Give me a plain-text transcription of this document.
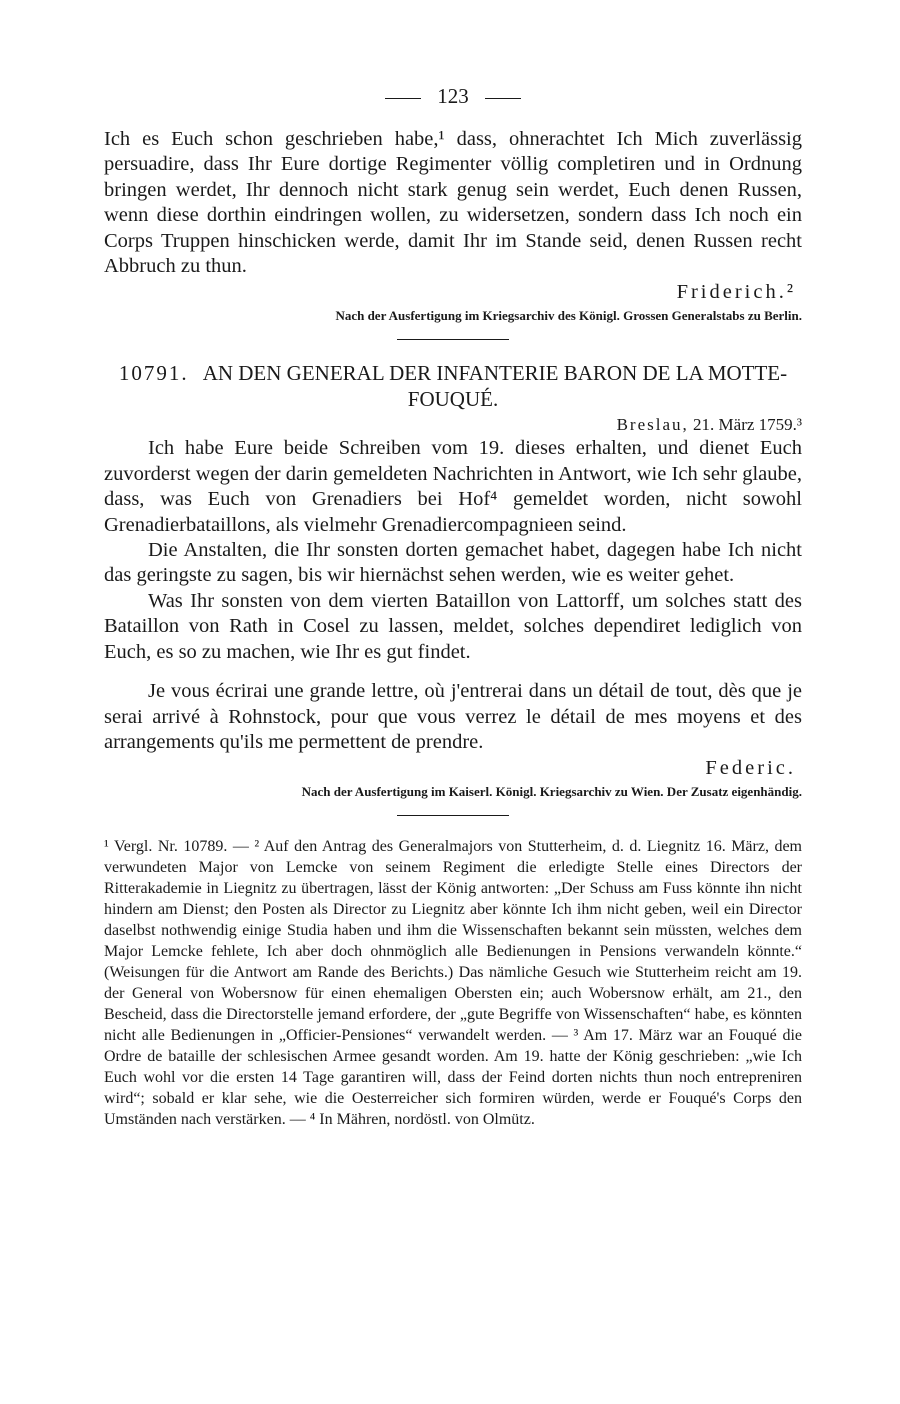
123

Ich es Euch schon geschrieben habe,¹ dass, ohnerachtet Ich Mich zuverlässig persuadire, dass Ihr Eure dortige Regimenter völlig completiren und in Ordnung bringen werdet, Ihr dennoch nicht stark genug sein werdet, Euch denen Russen, wenn diese dorthin eindringen wollen, zu widersetzen, sondern dass Ich noch ein Corps Truppen hinschicken werde, damit Ihr im Stande seid, denen Russen recht Abbruch zu thun.

Friderich.²
Nach der Ausfertigung im Kriegsarchiv des Königl. Grossen Generalstabs zu Berlin.
10791. AN DEN GENERAL DER INFANTERIE BARON DE LA MOTTE-FOUQUÉ.
Breslau, 21. März 1759.³

Ich habe Eure beide Schreiben vom 19. dieses erhalten, und dienet Euch zuvorderst wegen der darin gemeldeten Nachrichten in Antwort, wie Ich sehr glaube, dass, was Euch von Grenadiers bei Hof⁴ gemeldet worden, nicht sowohl Grenadierbataillons, als vielmehr Grenadiercompagnieen seind.

Die Anstalten, die Ihr sonsten dorten gemachet habet, dagegen habe Ich nicht das geringste zu sagen, bis wir hiernächst sehen werden, wie es weiter gehet.

Was Ihr sonsten von dem vierten Bataillon von Lattorff, um solches statt des Bataillon von Rath in Cosel zu lassen, meldet, solches dependiret lediglich von Euch, es so zu machen, wie Ihr es gut findet.

Je vous écrirai une grande lettre, où j'entrerai dans un détail de tout, dès que je serai arrivé à Rohnstock, pour que vous verrez le détail de mes moyens et des arrangements qu'ils me permettent de prendre.

Federic.
Nach der Ausfertigung im Kaiserl. Königl. Kriegsarchiv zu Wien. Der Zusatz eigenhändig.

¹ Vergl. Nr. 10789. — ² Auf den Antrag des Generalmajors von Stutterheim, d. d. Liegnitz 16. März, dem verwundeten Major von Lemcke von seinem Regiment die erledigte Stelle eines Directors der Ritterakademie in Liegnitz zu übertragen, lässt der König antworten: „Der Schuss am Fuss könnte ihn nicht hindern am Dienst; den Posten als Director zu Liegnitz aber könnte Ich ihm nicht geben, weil ein Director daselbst nothwendig einige Studia haben und ihm die Wissenschaften bekannt sein müssten, welches dem Major Lemcke fehlete, Ich aber doch ohnmöglich alle Bedienungen in Pensions verwandeln könnte.“ (Weisungen für die Antwort am Rande des Berichts.) Das nämliche Gesuch wie Stutterheim reicht am 19. der General von Wobersnow für einen ehemaligen Obersten ein; auch Wobersnow erhält, am 21., den Bescheid, dass die Directorstelle jemand erfordere, der „gute Begriffe von Wissenschaften“ habe, es könnten nicht alle Bedienungen in „Officier-Pensiones“ verwandelt werden. — ³ Am 17. März war an Fouqué die Ordre de bataille der schlesischen Armee gesandt worden. Am 19. hatte der König geschrieben: „wie Ich Euch wohl vor die ersten 14 Tage garantiren will, dass der Feind dorten nichts thun noch entrepreniren wird“; sobald er klar sehe, wie die Oesterreicher sich formiren würden, werde er Fouqué's Corps den Umständen nach verstärken. — ⁴ In Mähren, nordöstl. von Olmütz.
